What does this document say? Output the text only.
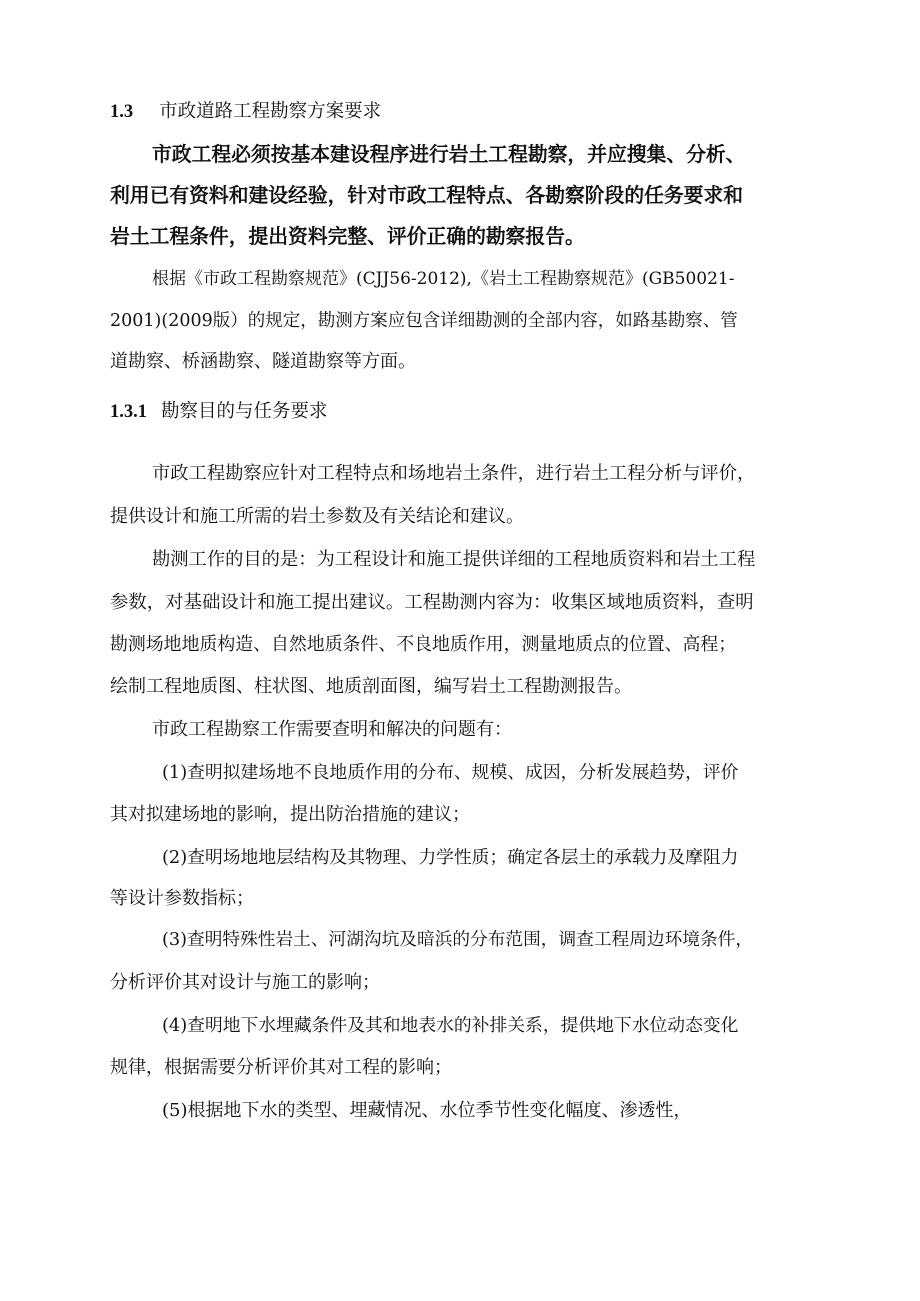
1.3 市政道路工程勘察方案要求
市政工程必须按基本建设程序进行岩土工程勘察，并应搜集、分析、
利用已有资料和建设经验，针对市政工程特点、各勘察阶段的任务要求和
岩土工程条件，提出资料完整、评价正确的勘察报告。
根据《市政工程勘察规范》(CJJ56-2012),《岩土工程勘察规范》(GB50021-
2001)(2009版）的规定，勘测方案应包含详细勘测的全部内容，如路基勘察、管
道勘察、桥涵勘察、隧道勘察等方面。
1.3.1 勘察目的与任务要求
市政工程勘察应针对工程特点和场地岩土条件，进行岩土工程分析与评价，
提供设计和施工所需的岩土参数及有关结论和建议。
勘测工作的目的是：为工程设计和施工提供详细的工程地质资料和岩土工程
参数，对基础设计和施工提出建议。工程勘测内容为：收集区域地质资料，查明
勘测场地地质构造、自然地质条件、不良地质作用，测量地质点的位置、高程；
绘制工程地质图、柱状图、地质剖面图，编写岩土工程勘测报告。
市政工程勘察工作需要查明和解决的问题有：
(1)查明拟建场地不良地质作用的分布、规模、成因，分析发展趋势，评价
其对拟建场地的影响，提出防治措施的建议；
(2)查明场地地层结构及其物理、力学性质；确定各层土的承载力及摩阻力
等设计参数指标；
(3)查明特殊性岩土、河湖沟坑及暗浜的分布范围，调查工程周边环境条件，
分析评价其对设计与施工的影响；
(4)查明地下水埋藏条件及其和地表水的补排关系，提供地下水位动态变化
规律，根据需要分析评价其对工程的影响；
(5)根据地下水的类型、埋藏情况、水位季节性变化幅度、渗透性，
